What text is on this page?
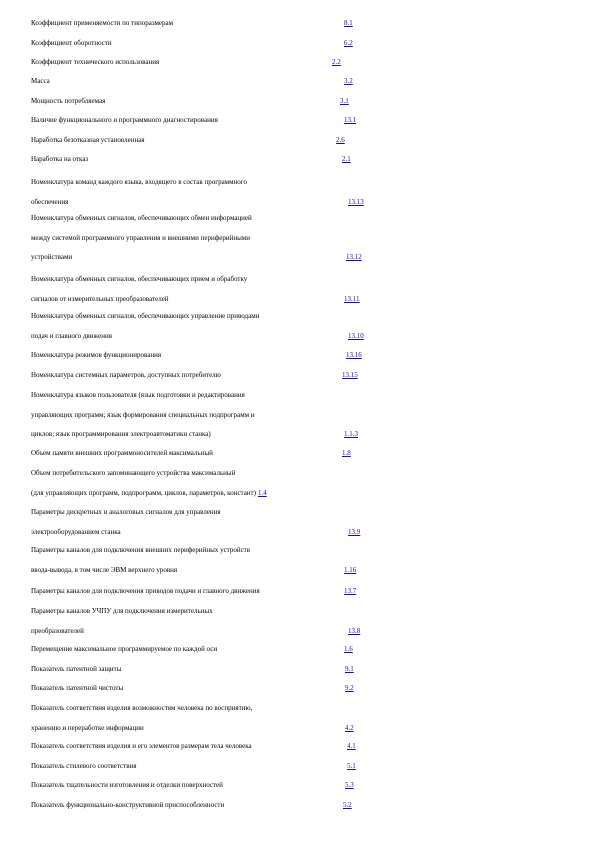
Коэффициент применяемости по типоразмерам	8.1
Коэффициент оборотности	6.2
Коэффициент технического использования	2.2
Масса	3.2
Мощность потребляемая	3.1
Наличие функционального и программного диагностирования	13.1
Наработка безотказная установленная	2.6
Наработка на отказ	2.1
Номенклатура команд каждого языка, входящего в состав программного
обеспечения	13.13
Номенклатура обменных сигналов, обеспечивающих обмен информацией
между системой программного управления и внешними периферийными
устройствами	13.12
Номенклатура обменных сигналов, обеспечивающих прием и обработку
сигналов от измерительных преобразователей	13.11
Номенклатура обменных сигналов, обеспечивающих управление приводами
подач и главного движения	13.10
Номенклатура режимов функционирования	13.16
Номенклатура системных параметров, доступных потребителю	13.15
Номенклатура языков пользователя (язык подготовки и редактирования
управляющих программ; язык формирования специальных подпрограмм и
циклов; язык программирования электроавтоматики станка)	1.1.3
Объем памяти внешних программоносителей максимальный	1.8
Объем потребительского запоминающего устройства максимальный
(для управляющих программ, подпрограмм, циклов, параметров, констант) 1.4
Параметры дискретных и аналоговых сигналов для управления
электрооборудованием станка	13.9
Параметры каналов для подключения внешних периферийных устройств
ввода-вывода, в том числе ЭВМ верхнего уровня	1.16
Параметры каналов для подключения приводов подачи и главного движения	13.7
Параметры каналов УЧПУ для подключения измерительных
преобразователей	13.8
Перемещение максимальное программируемое по каждой оси	1.6
Показатель патентной защиты	9.1
Показатель патентной чистоты	9.2
Показатель соответствия изделия возможностям человека по восприятию,
хранению и переработке информации	4.2
Показатель соответствия изделия и его элементов размерам тела человека	4.1
Показатель стилевого соответствия	5.1
Показатель тщательности изготовления и отделки поверхностей	5.3
Показатель функционально-конструктивной приспособленности	5.2
